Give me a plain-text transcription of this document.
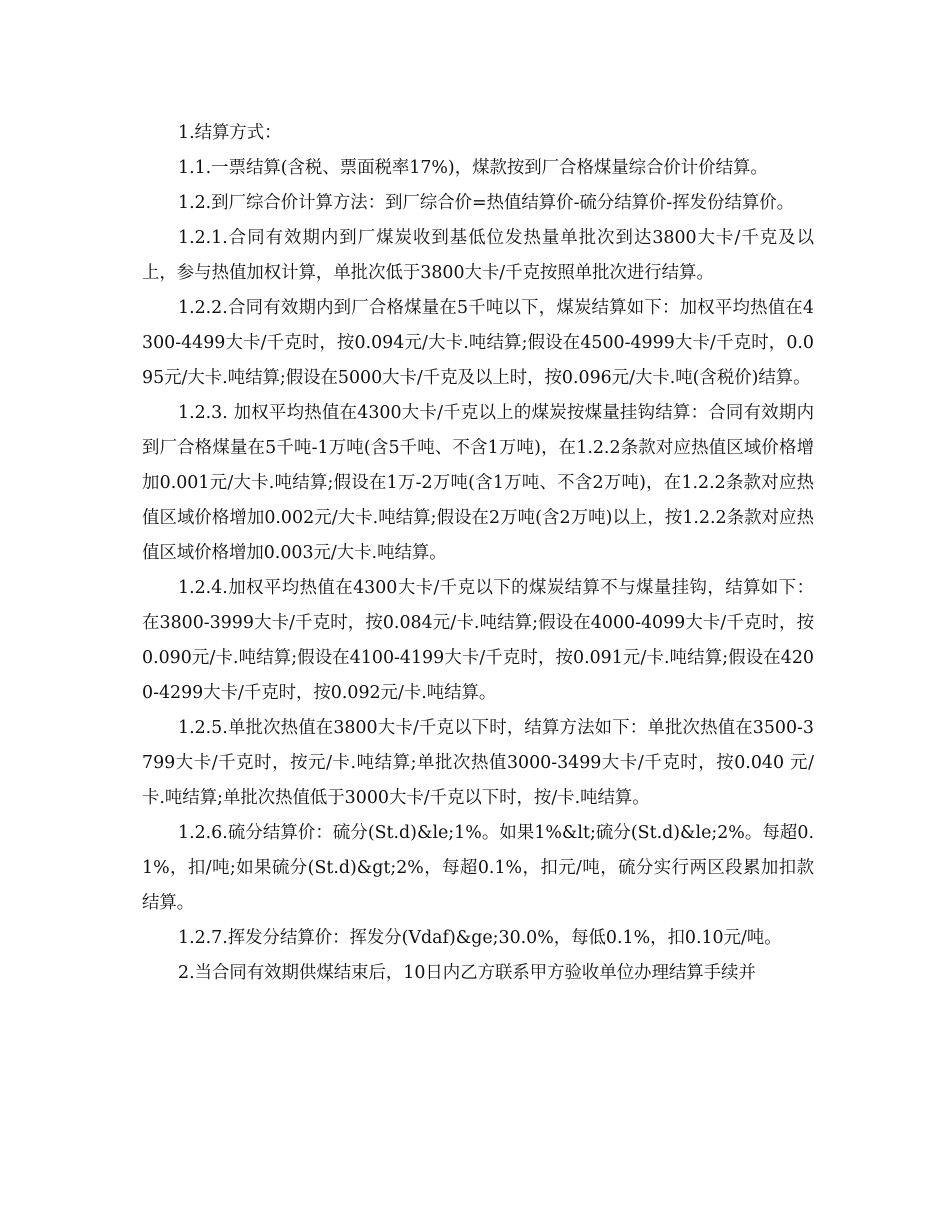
1.结算方式：

1.1.一票结算(含税、票面税率17%)，煤款按到厂合格煤量综合价计价结算。

1.2.到厂综合价计算方法：到厂综合价=热值结算价-硫分结算价-挥发份结算价。

1.2.1.合同有效期内到厂煤炭收到基低位发热量单批次到达3800大卡/千克及以上，参与热值加权计算，单批次低于3800大卡/千克按照单批次进行结算。

1.2.2.合同有效期内到厂合格煤量在5千吨以下，煤炭结算如下：加权平均热值在4300-4499大卡/千克时，按0.094元/大卡.吨结算;假设在4500-4999大卡/千克时，0.095元/大卡.吨结算;假设在5000大卡/千克及以上时，按0.096元/大卡.吨(含税价)结算。

1.2.3. 加权平均热值在4300大卡/千克以上的煤炭按煤量挂钩结算：合同有效期内到厂合格煤量在5千吨-1万吨(含5千吨、不含1万吨)，在1.2.2条款对应热值区域价格增加0.001元/大卡.吨结算;假设在1万-2万吨(含1万吨、不含2万吨)，在1.2.2条款对应热值区域价格增加0.002元/大卡.吨结算;假设在2万吨(含2万吨)以上，按1.2.2条款对应热值区域价格增加0.003元/大卡.吨结算。

1.2.4.加权平均热值在4300大卡/千克以下的煤炭结算不与煤量挂钩，结算如下：在3800-3999大卡/千克时，按0.084元/卡.吨结算;假设在4000-4099大卡/千克时，按0.090元/卡.吨结算;假设在4100-4199大卡/千克时，按0.091元/卡.吨结算;假设在4200-4299大卡/千克时，按0.092元/卡.吨结算。

1.2.5.单批次热值在3800大卡/千克以下时，结算方法如下：单批次热值在3500-3799大卡/千克时，按元/卡.吨结算;单批次热值3000-3499大卡/千克时，按0.040 元/卡.吨结算;单批次热值低于3000大卡/千克以下时，按/卡.吨结算。

1.2.6.硫分结算价：硫分(St.d)&le;1%。如果1%&lt;硫分(St.d)&le;2%。每超0.1%，扣/吨;如果硫分(St.d)&gt;2%，每超0.1%，扣元/吨，硫分实行两区段累加扣款结算。

1.2.7.挥发分结算价：挥发分(Vdaf)&ge;30.0%，每低0.1%，扣0.10元/吨。

2.当合同有效期供煤结束后，10日内乙方联系甲方验收单位办理结算手续并
